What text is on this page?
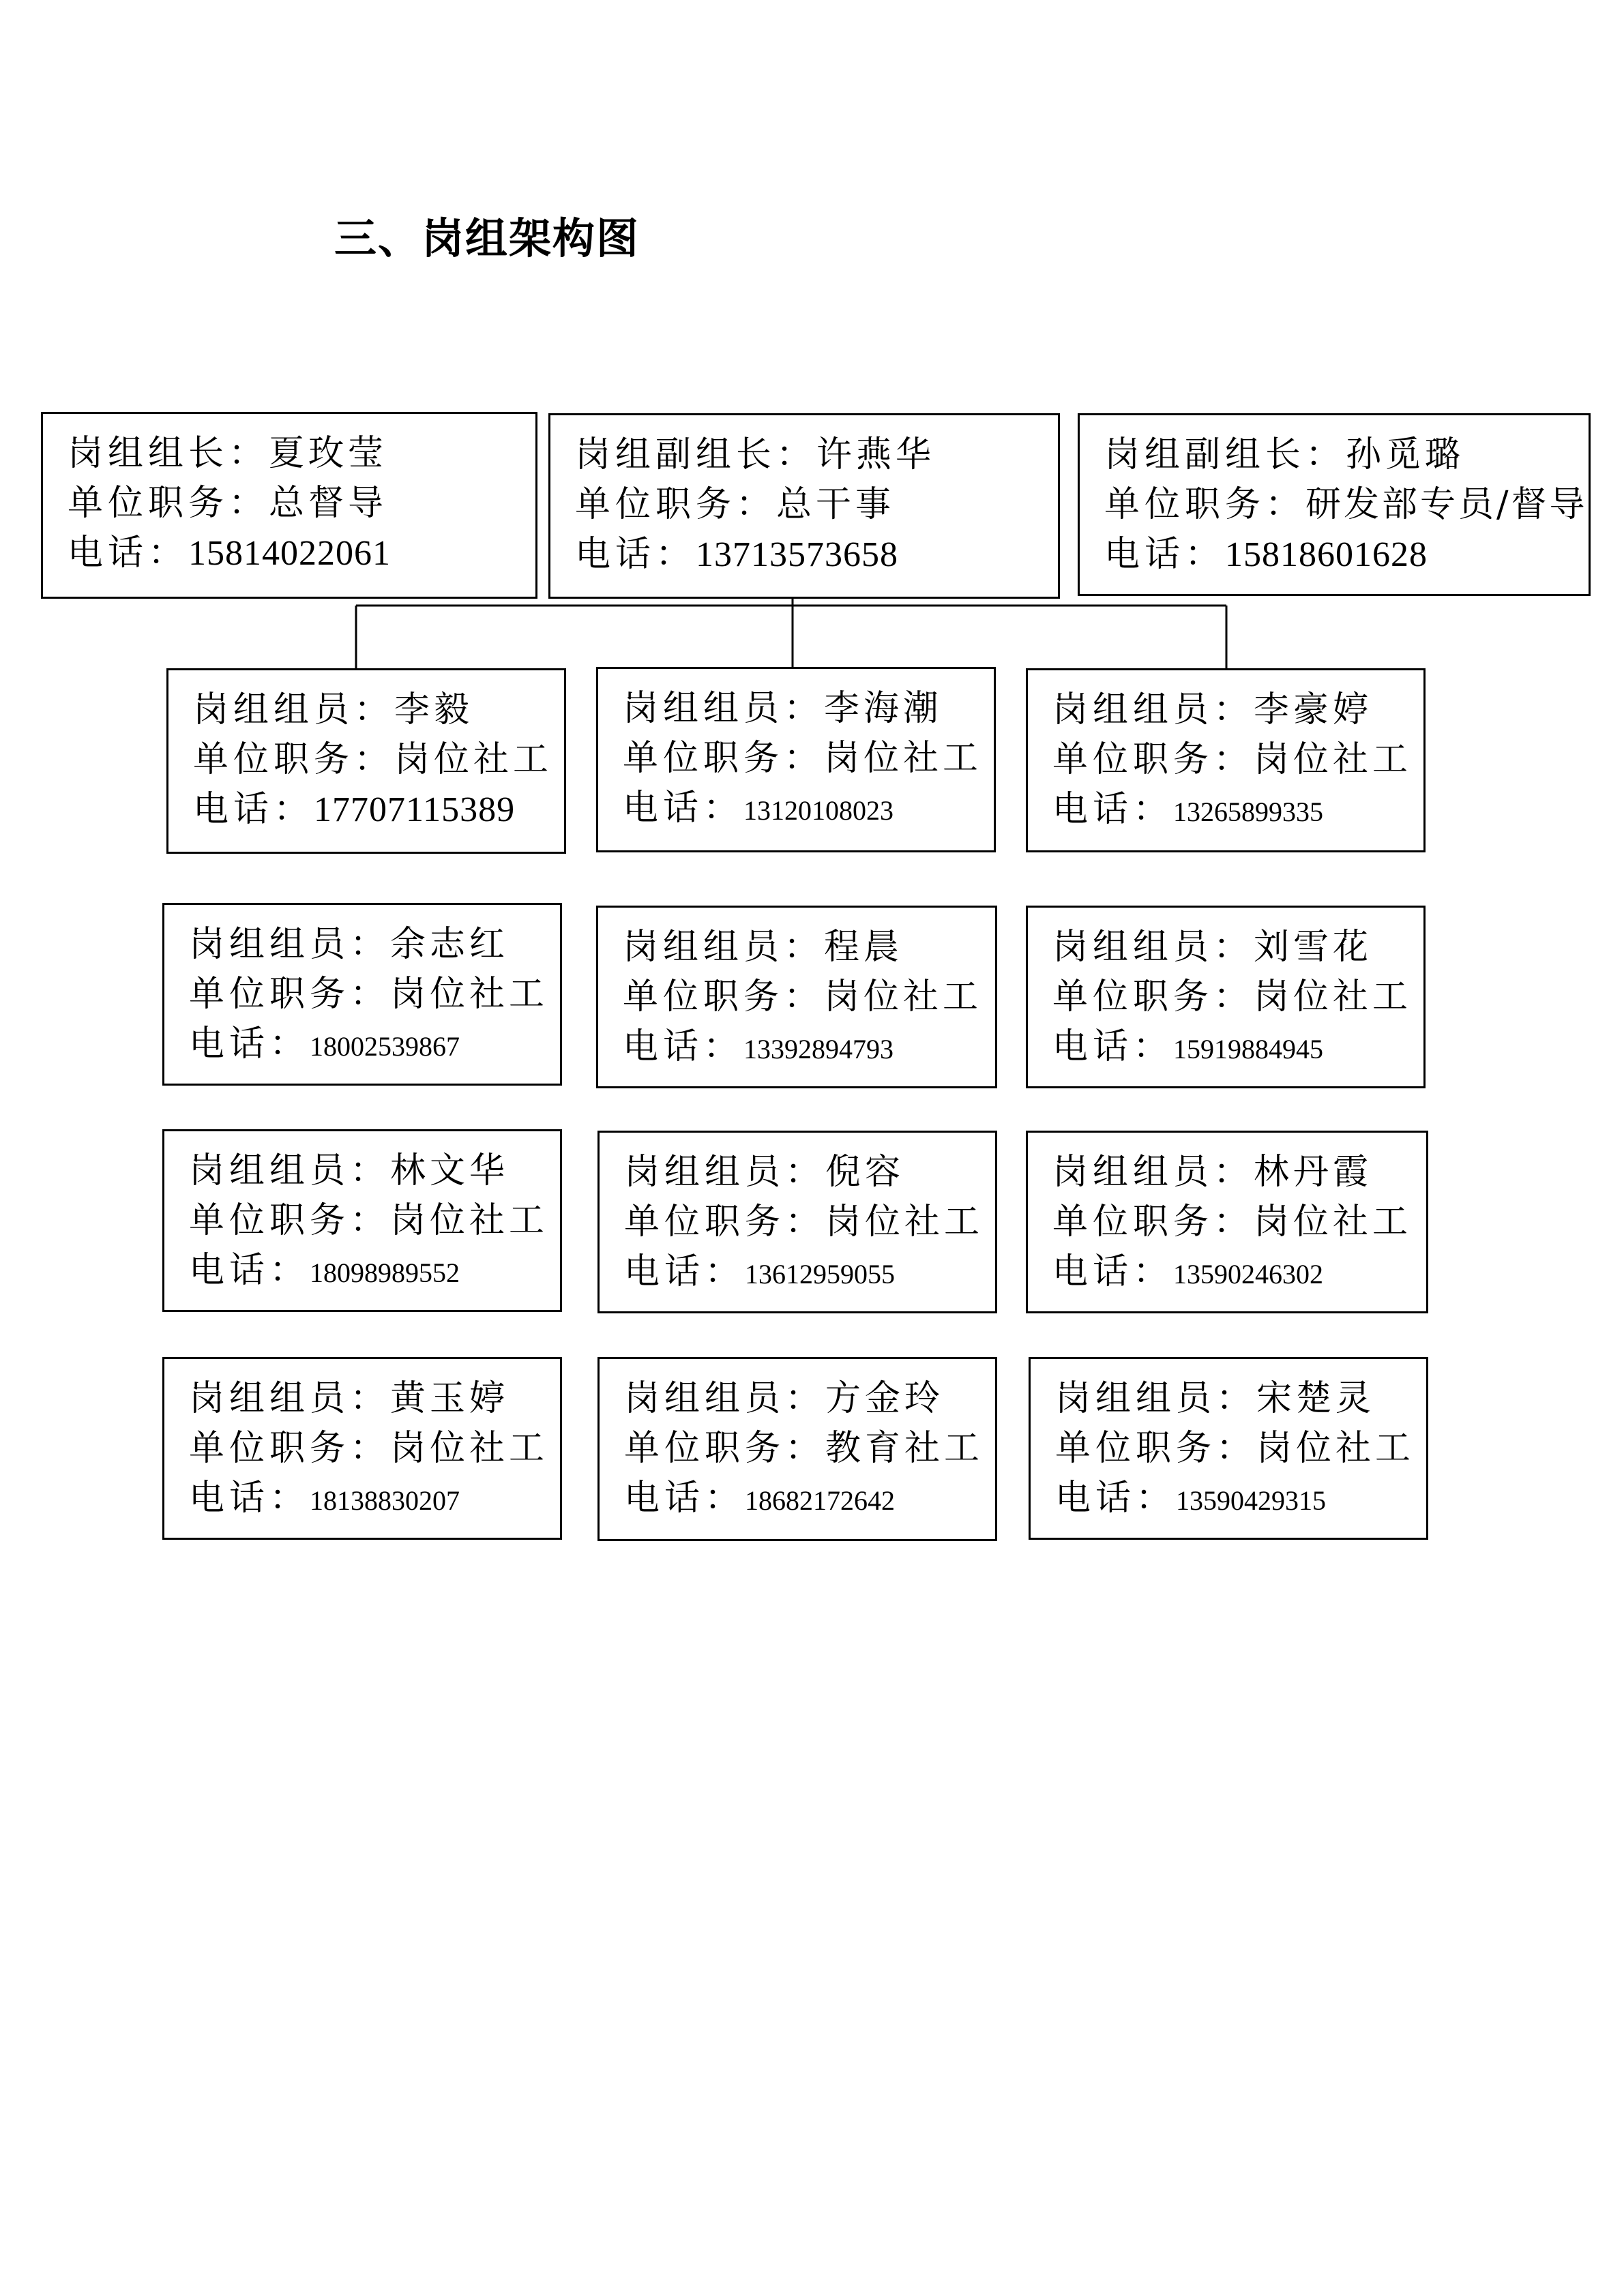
三、岗组架构图
岗组组长：夏玫莹
单位职务：总督导
电话：15814022061
岗组副组长：许燕华
单位职务：总干事
电话：13713573658
岗组副组长：孙觅璐
单位职务：研发部专员/督导
电话：15818601628
岗组组员：李毅
单位职务：岗位社工
电话：17707115389
岗组组员：李海潮
单位职务：岗位社工
电话：13120108023
岗组组员：李豪婷
单位职务：岗位社工
电话：13265899335
岗组组员：余志红
单位职务：岗位社工
电话：18002539867
岗组组员：程晨
单位职务：岗位社工
电话：13392894793
岗组组员：刘雪花
单位职务：岗位社工
电话：15919884945
岗组组员：林文华
单位职务：岗位社工
电话：18098989552
岗组组员：倪容
单位职务：岗位社工
电话：13612959055
岗组组员：林丹霞
单位职务：岗位社工
电话：13590246302
岗组组员：黄玉婷
单位职务：岗位社工
电话：18138830207
岗组组员：方金玲
单位职务：教育社工
电话：18682172642
岗组组员：宋楚灵
单位职务：岗位社工
电话：13590429315
